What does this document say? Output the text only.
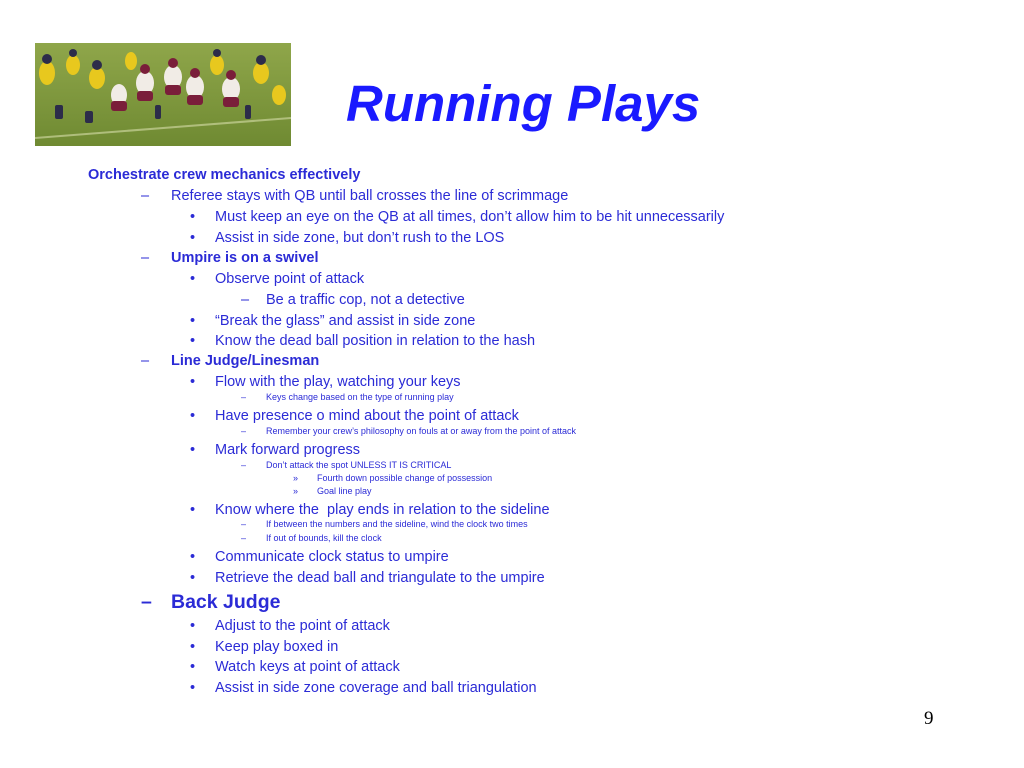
Running Plays
Orchestrate crew mechanics effectively
– Referee stays with QB until ball crosses the line of scrimmage
• Must keep an eye on the QB at all times, don’t allow him to be hit unnecessarily
• Assist in side zone, but don’t rush to the LOS
– Umpire is on a swivel
• Observe point of attack
– Be a traffic cop, not a detective
• “Break the glass” and assist in side zone
• Know the dead ball position in relation to the hash
– Line Judge/Linesman
• Flow with the play, watching your keys
– Keys change based on the type of running play
• Have presence o mind about the point of attack
– Remember your crew’s philosophy on fouls at or away from the point of attack
• Mark forward progress
– Don’t attack the spot UNLESS IT IS CRITICAL
» Fourth down possible change of possession
» Goal line play
• Know where the  play ends in relation to the sideline
– If between the numbers and the sideline, wind the clock two times
– If out of bounds, kill the clock
• Communicate clock status to umpire
• Retrieve the dead ball and triangulate to the umpire
– Back Judge
• Adjust to the point of attack
• Keep play boxed in
• Watch keys at point of attack
• Assist in side zone coverage and ball triangulation
9
